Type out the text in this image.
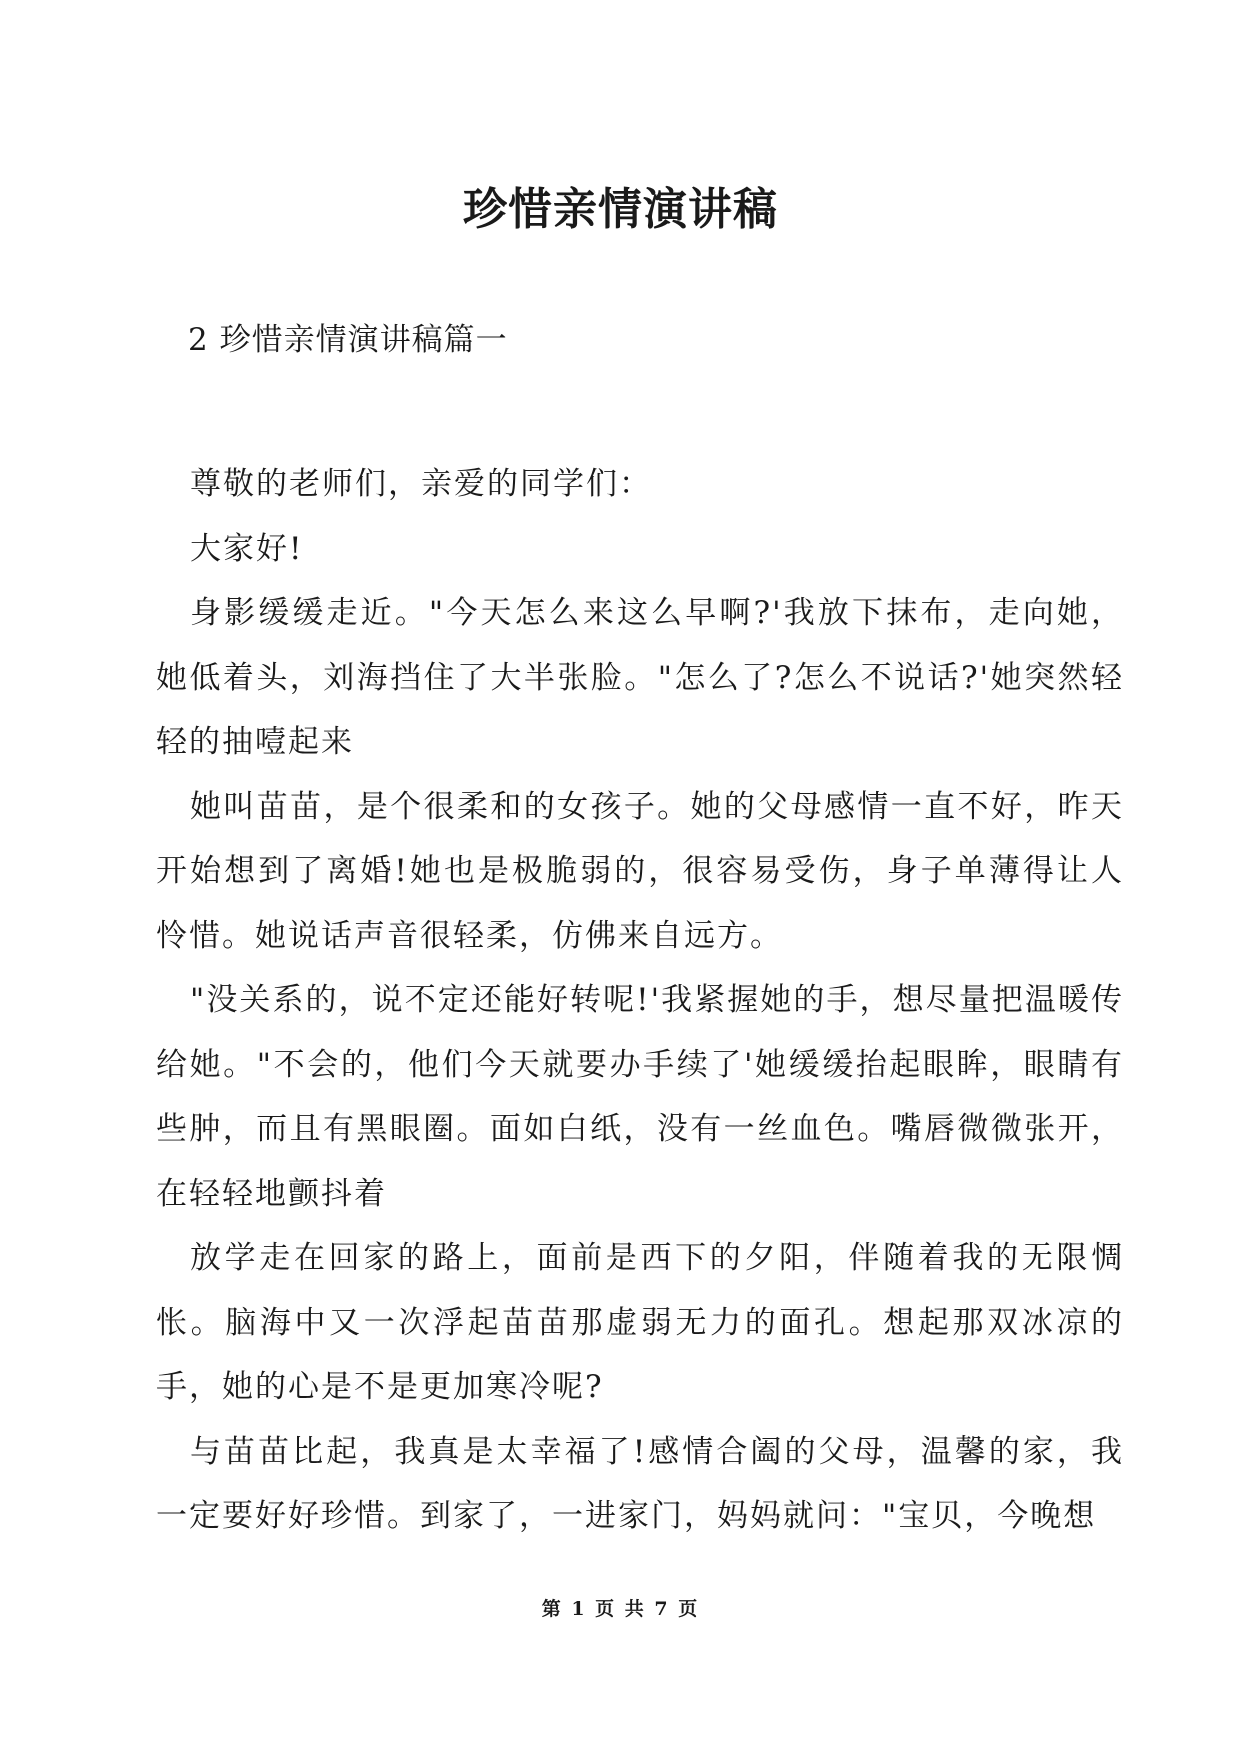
珍惜亲情演讲稿
2 珍惜亲情演讲稿篇一

尊敬的老师们，亲爱的同学们：

大家好!

身影缓缓走近。"今天怎么来这么早啊?'我放下抹布，走向她，她低着头，刘海挡住了大半张脸。"怎么了?怎么不说话?'她突然轻轻的抽噎起来

她叫苗苗，是个很柔和的女孩子。她的父母感情一直不好，昨天开始想到了离婚!她也是极脆弱的，很容易受伤，身子单薄得让人怜惜。她说话声音很轻柔，仿佛来自远方。

"没关系的，说不定还能好转呢!'我紧握她的手，想尽量把温暖传给她。"不会的，他们今天就要办手续了'她缓缓抬起眼眸，眼睛有些肿，而且有黑眼圈。面如白纸，没有一丝血色。嘴唇微微张开，在轻轻地颤抖着

放学走在回家的路上，面前是西下的夕阳，伴随着我的无限惆怅。脑海中又一次浮起苗苗那虚弱无力的面孔。想起那双冰凉的手，她的心是不是更加寒冷呢?

与苗苗比起，我真是太幸福了!感情合阖的父母，温馨的家，我一定要好好珍惜。到家了，一进家门，妈妈就问："宝贝，今晚想

第 1 页 共 7 页
